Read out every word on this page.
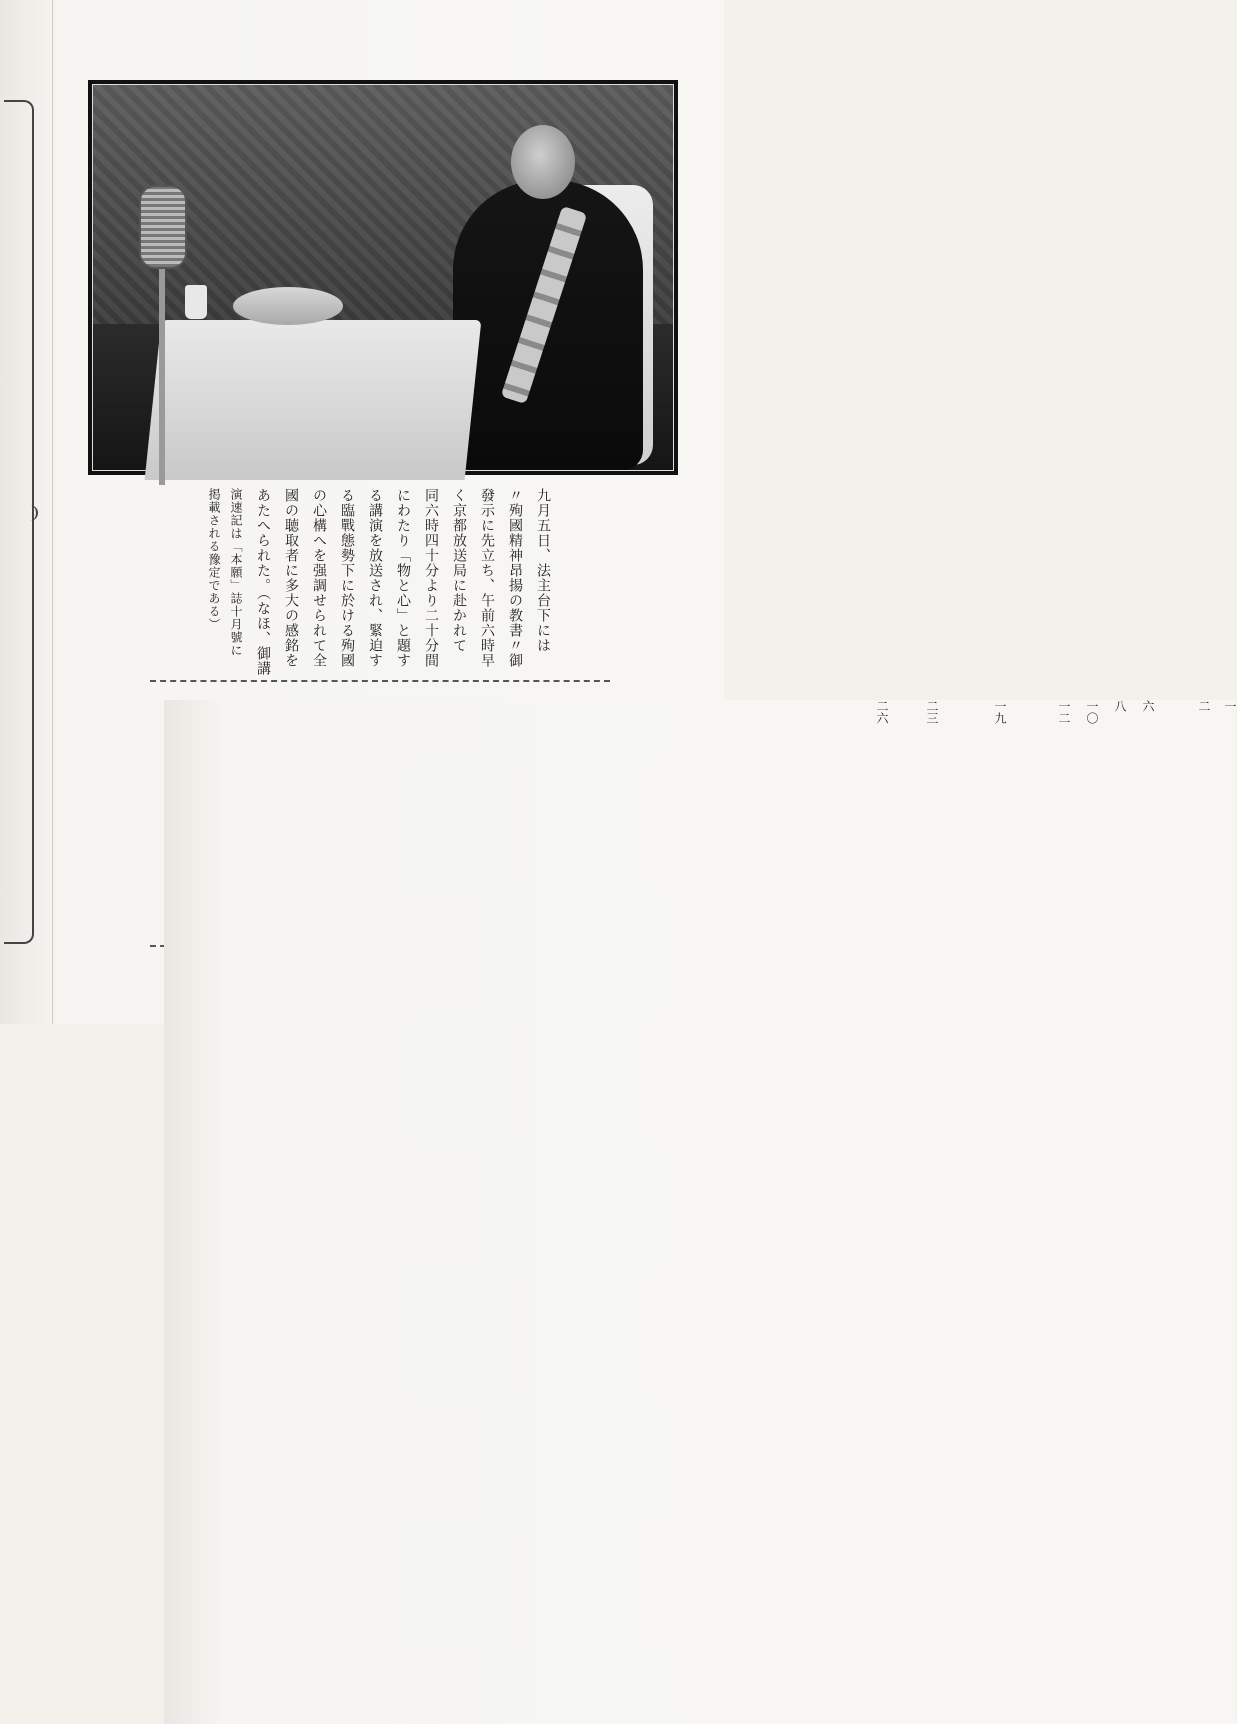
九月五日、法主台下には
〃殉國精神昂揚の教書〃御
發示に先立ち、午前六時早
く京都放送局に赴かれて
同六時四十分より二十分間
にわたり「物と心」と題す
る講演を放送され、緊迫す
る臨戰態勢下に於ける殉國
の心構へを强調せられて全
國の聴取者に多大の感銘を
あたへられた。（なほ、御講
演速記は「本願」誌十月號に
掲載される豫定である）
一
二
六
八
一〇
一二
一九
二三
二六
